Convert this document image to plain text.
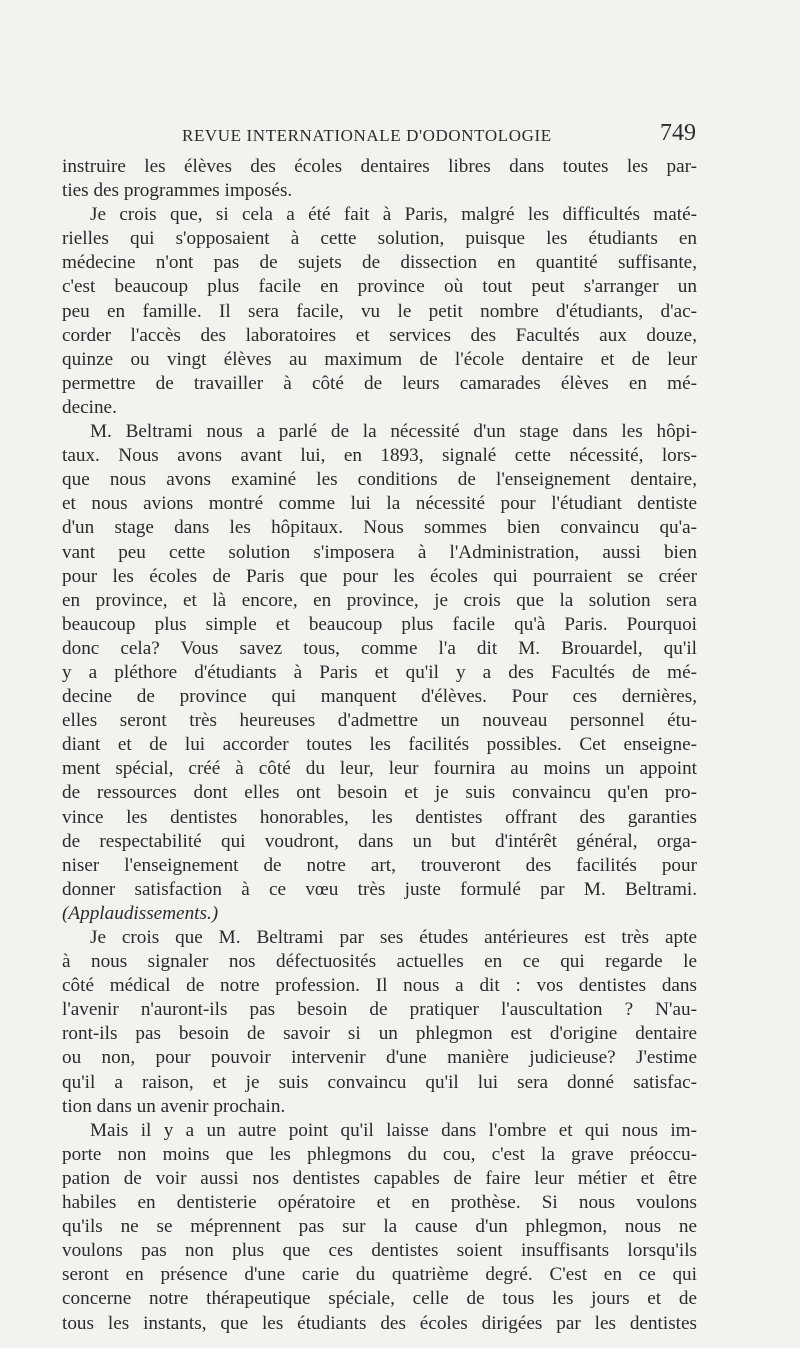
REVUE INTERNATIONALE D'ODONTOLOGIE	749
instruire les élèves des écoles dentaires libres dans toutes les par-
ties des programmes imposés.
Je crois que, si cela a été fait à Paris, malgré les difficultés maté-
rielles qui s'opposaient à cette solution, puisque les étudiants en
médecine n'ont pas de sujets de dissection en quantité suffisante,
c'est beaucoup plus facile en province où tout peut s'arranger un
peu en famille. Il sera facile, vu le petit nombre d'étudiants, d'ac-
corder l'accès des laboratoires et services des Facultés aux douze,
quinze ou vingt élèves au maximum de l'école dentaire et de leur
permettre de travailler à côté de leurs camarades élèves en mé-
decine.
M. Beltrami nous a parlé de la nécessité d'un stage dans les hôpi-
taux. Nous avons avant lui, en 1893, signalé cette nécessité, lors-
que nous avons examiné les conditions de l'enseignement dentaire,
et nous avions montré comme lui la nécessité pour l'étudiant dentiste
d'un stage dans les hôpitaux. Nous sommes bien convaincu qu'a-
vant peu cette solution s'imposera à l'Administration, aussi bien
pour les écoles de Paris que pour les écoles qui pourraient se créer
en province, et là encore, en province, je crois que la solution sera
beaucoup plus simple et beaucoup plus facile qu'à Paris. Pourquoi
donc cela? Vous savez tous, comme l'a dit M. Brouardel, qu'il
y a pléthore d'étudiants à Paris et qu'il y a des Facultés de mé-
decine de province qui manquent d'élèves. Pour ces dernières,
elles seront très heureuses d'admettre un nouveau personnel étu-
diant et de lui accorder toutes les facilités possibles. Cet enseigne-
ment spécial, créé à côté du leur, leur fournira au moins un appoint
de ressources dont elles ont besoin et je suis convaincu qu'en pro-
vince les dentistes honorables, les dentistes offrant des garanties
de respectabilité qui voudront, dans un but d'intérêt général, orga-
niser l'enseignement de notre art, trouveront des facilités pour
donner satisfaction à ce vœu très juste formulé par M. Beltrami.
(Applaudissements.)
Je crois que M. Beltrami par ses études antérieures est très apte
à nous signaler nos défectuosités actuelles en ce qui regarde le
côté médical de notre profession. Il nous a dit : vos dentistes dans
l'avenir n'auront-ils pas besoin de pratiquer l'auscultation ? N'au-
ront-ils pas besoin de savoir si un phlegmon est d'origine dentaire
ou non, pour pouvoir intervenir d'une manière judicieuse? J'estime
qu'il a raison, et je suis convaincu qu'il lui sera donné satisfac-
tion dans un avenir prochain.
Mais il y a un autre point qu'il laisse dans l'ombre et qui nous im-
porte non moins que les phlegmons du cou, c'est la grave préoccu-
pation de voir aussi nos dentistes capables de faire leur métier et être
habiles en dentisterie opératoire et en prothèse. Si nous voulons
qu'ils ne se méprennent pas sur la cause d'un phlegmon, nous ne
voulons pas non plus que ces dentistes soient insuffisants lorsqu'ils
seront en présence d'une carie du quatrième degré. C'est en ce qui
concerne notre thérapeutique spéciale, celle de tous les jours et de
tous les instants, que les étudiants des écoles dirigées par les dentistes
